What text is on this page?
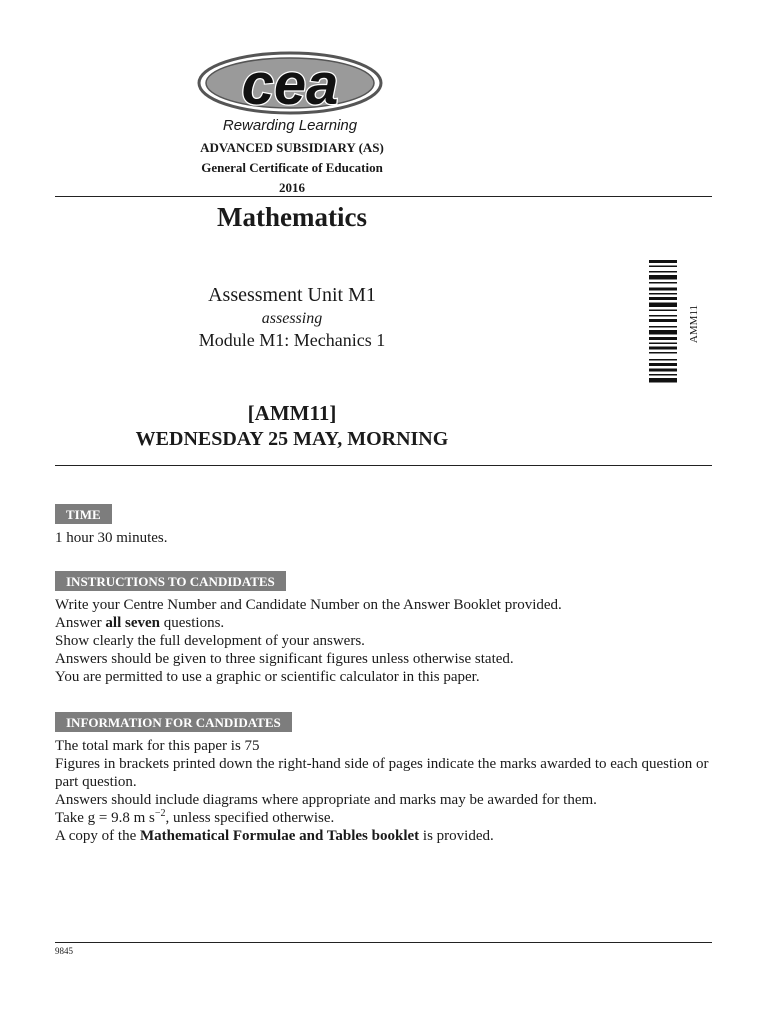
cea
Rewarding Learning
ADVANCED SUBSIDIARY (AS)
General Certificate of Education
2016
Mathematics
Assessment Unit M1
assessing
Module M1: Mechanics 1
[AMM11]
WEDNESDAY 25 MAY, MORNING
AMM11
TIME
1 hour 30 minutes.
INSTRUCTIONS TO CANDIDATES

Write your Centre Number and Candidate Number on the Answer Booklet provided.

Answer all seven questions.

Show clearly the full development of your answers.

Answers should be given to three significant figures unless otherwise stated.

You are permitted to use a graphic or scientific calculator in this paper.

INFORMATION FOR CANDIDATES

The total mark for this paper is 75

Figures in brackets printed down the right-hand side of pages indicate the marks awarded to each question or part question.

Answers should include diagrams where appropriate and marks may be awarded for them.

Take g = 9.8 m $s^{-2}$, unless specified otherwise.

A copy of the Mathematical Formulae and Tables booklet is provided.

9845
